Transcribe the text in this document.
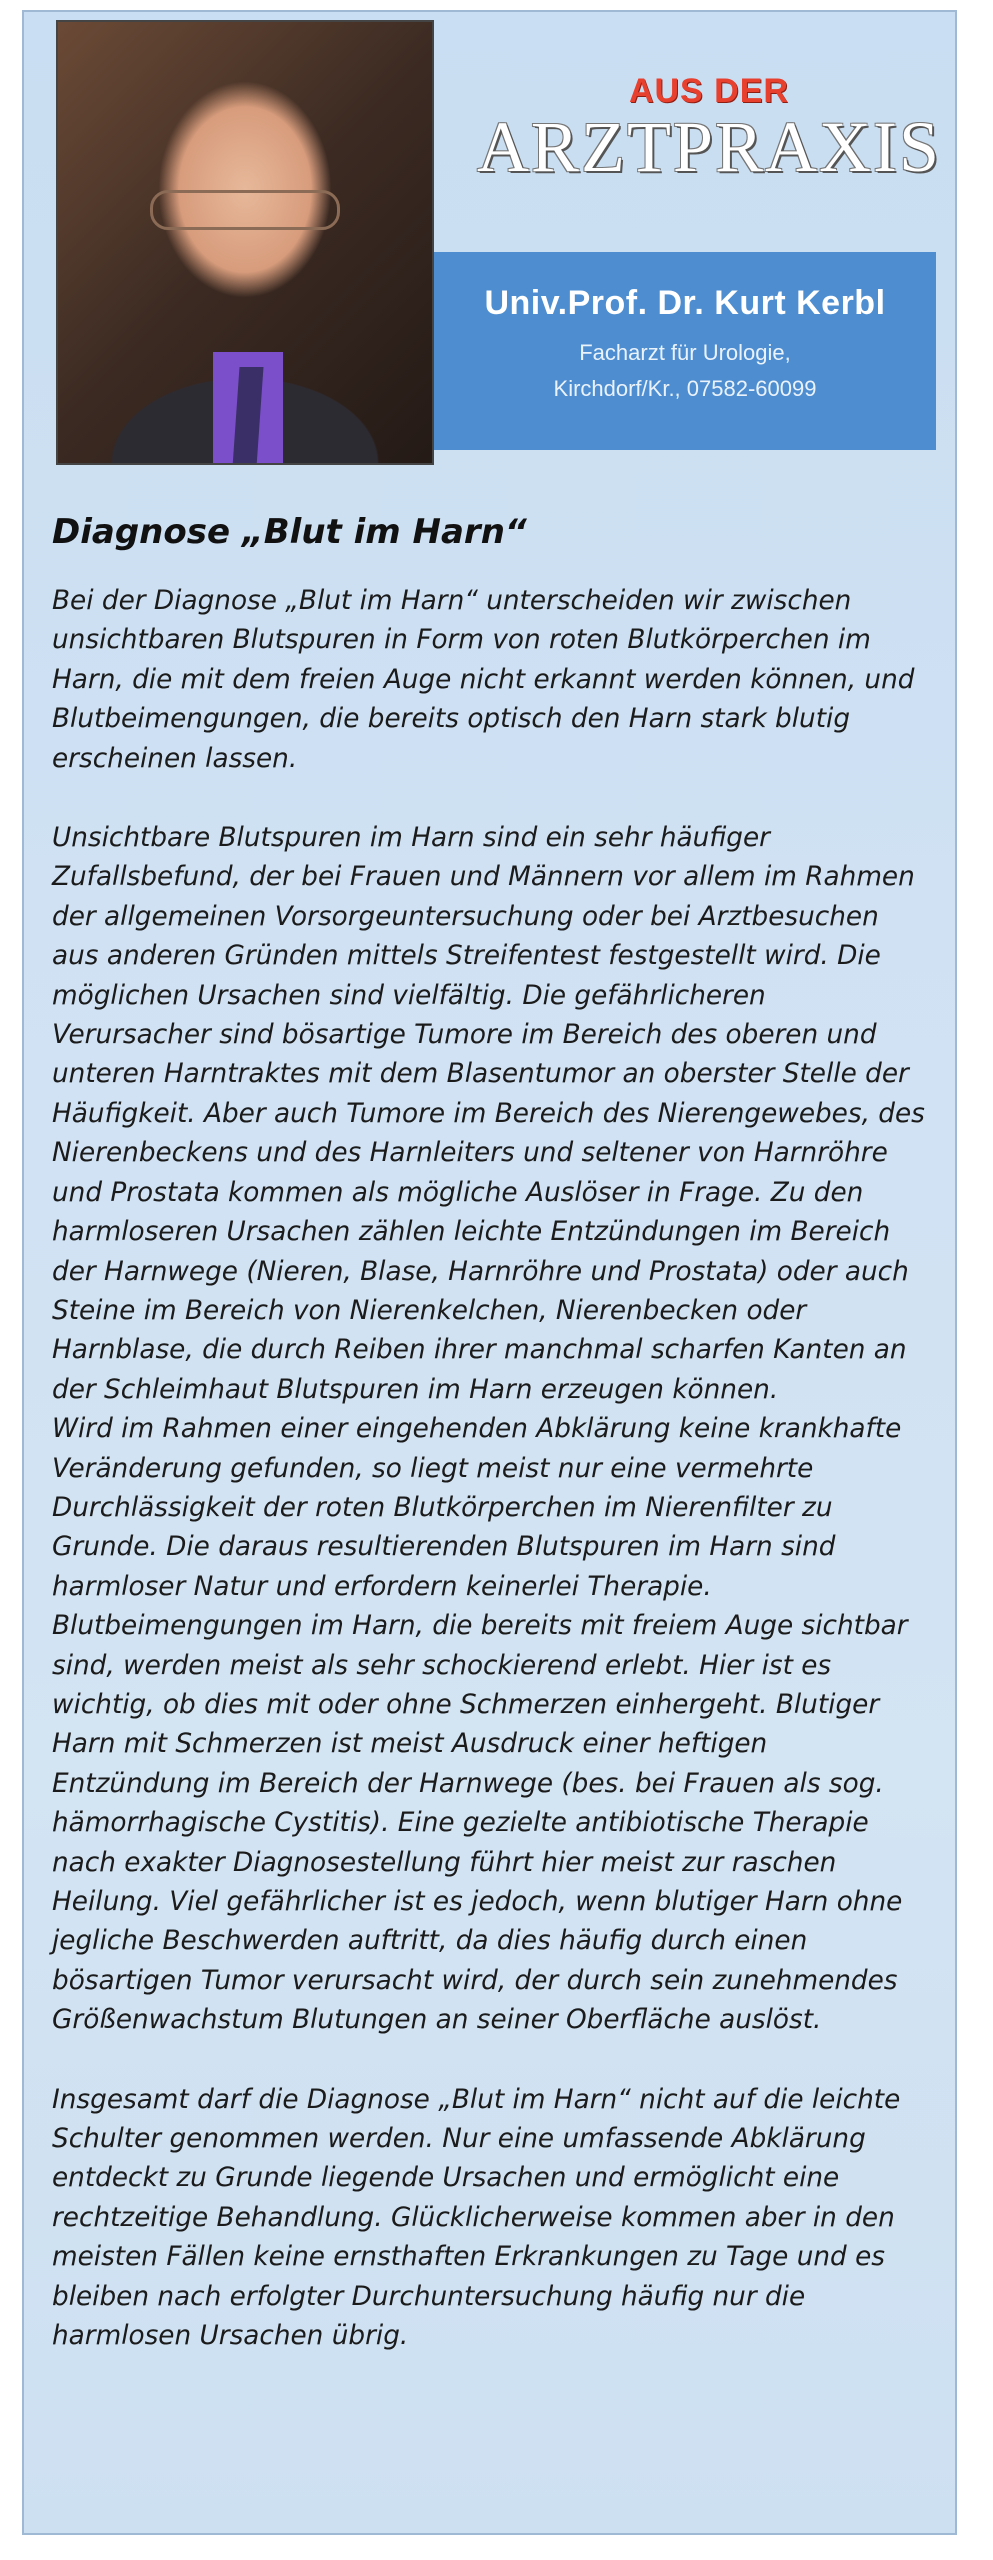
AUS DER
ARZTPRAXIS
Univ.Prof. Dr. Kurt Kerbl
Facharzt für Urologie,
Kirchdorf/Kr., 07582-60099
Diagnose „Blut im Harn“

Bei der Diagnose „Blut im Harn“ unterscheiden wir zwischen unsichtbaren Blutspuren in Form von roten Blutkörperchen im Harn, die mit dem freien Auge nicht erkannt werden können, und Blutbeimengungen, die bereits optisch den Harn stark blutig erscheinen lassen.

Unsichtbare Blutspuren im Harn sind ein sehr häufiger Zufallsbefund, der bei Frauen und Männern vor allem im Rahmen der allgemeinen Vorsorgeuntersuchung oder bei Arztbesuchen aus anderen Gründen mittels Streifentest festgestellt wird. Die möglichen Ursachen sind vielfältig. Die gefährlicheren Verursacher sind bösartige Tumore im Bereich des oberen und unteren Harntraktes mit dem Blasentumor an oberster Stelle der Häufigkeit. Aber auch Tumore im Bereich des Nierengewebes, des Nierenbeckens und des Harnleiters und seltener von Harnröhre und Prostata kommen als mögliche Auslöser in Frage. Zu den harmloseren Ursachen zählen leichte Entzündungen im Bereich der Harnwege (Nieren, Blase, Harnröhre und Prostata) oder auch Steine im Bereich von Nierenkelchen, Nierenbecken oder Harnblase, die durch Reiben ihrer manchmal scharfen Kanten an der Schleimhaut Blutspuren im Harn erzeugen können.

Wird im Rahmen einer eingehenden Abklärung keine krankhafte Veränderung gefunden, so liegt meist nur eine vermehrte Durchlässigkeit der roten Blutkörperchen im Nierenfilter zu Grunde. Die daraus resultierenden Blutspuren im Harn sind harmloser Natur und erfordern keinerlei Therapie.

Blutbeimengungen im Harn, die bereits mit freiem Auge sichtbar sind, werden meist als sehr schockierend erlebt. Hier ist es wichtig, ob dies mit oder ohne Schmerzen einhergeht. Blutiger Harn mit Schmerzen ist meist Ausdruck einer heftigen Entzündung im Bereich der Harnwege (bes. bei Frauen als sog. hämorrhagische Cystitis). Eine gezielte antibiotische Therapie nach exakter Diagnosestellung führt hier meist zur raschen Heilung. Viel gefährlicher ist es jedoch, wenn blutiger Harn ohne jegliche Beschwerden auftritt, da dies häufig durch einen bösartigen Tumor verursacht wird, der durch sein zunehmendes Größenwachstum Blutungen an seiner Oberfläche auslöst.

Insgesamt darf die Diagnose „Blut im Harn“ nicht auf die leichte Schulter genommen werden. Nur eine umfassende Abklärung entdeckt zu Grunde liegende Ursachen und ermöglicht eine rechtzeitige Behandlung. Glücklicherweise kommen aber in den meisten Fällen keine ernsthaften Erkrankungen zu Tage und es bleiben nach erfolgter Durchuntersuchung häufig nur die harmlosen Ursachen übrig.
